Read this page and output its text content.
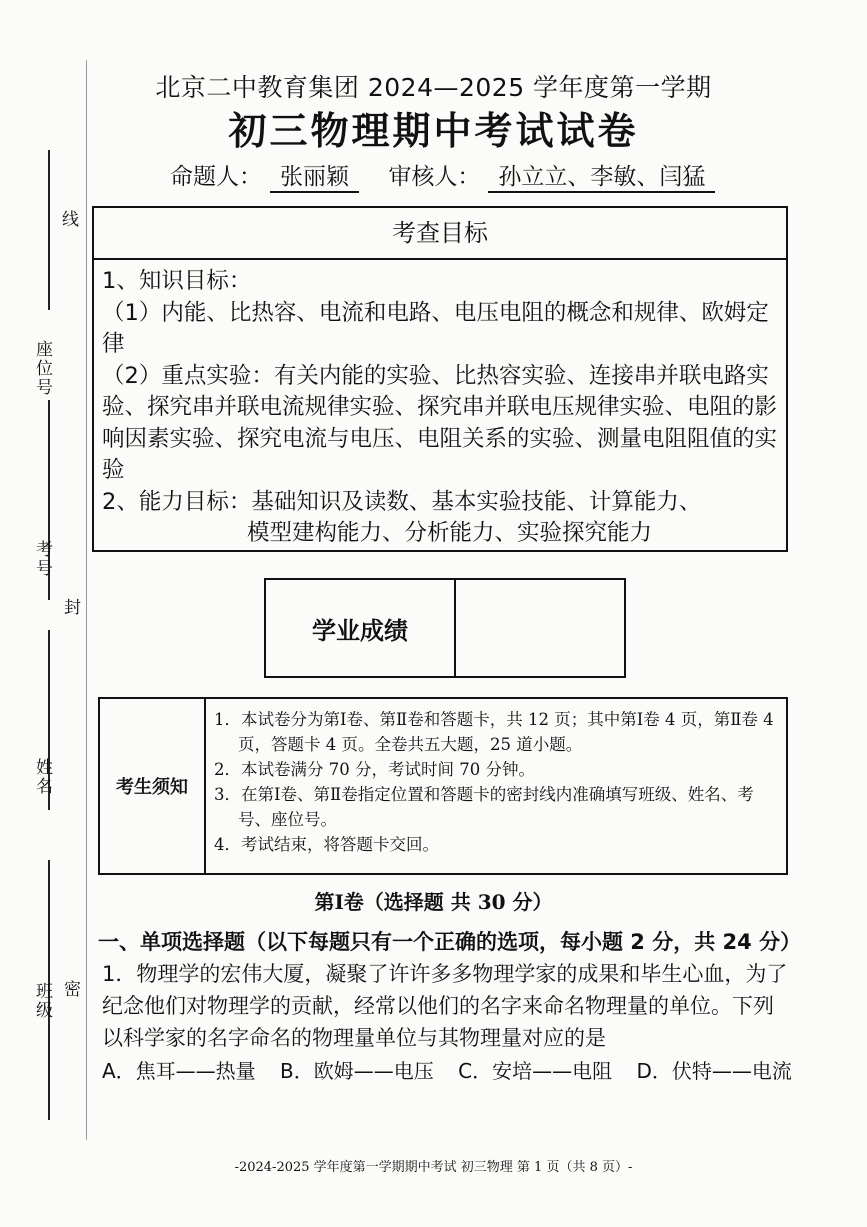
线
座位号
考号
封
姓名
班级 密
北京二中教育集团 2024—2025 学年度第一学期
初三物理期中考试试卷
命题人： 张丽颖 审核人： 孙立立、李敏、闫猛
考查目标

1、知识目标：

（1）内能、比热容、电流和电路、电压电阻的概念和规律、欧姆定律

（2）重点实验：有关内能的实验、比热容实验、连接串并联电路实验、探究串并联电流规律实验、探究串并联电压规律实验、电阻的影响因素实验、探究电流与电压、电阻关系的实验、测量电阻阻值的实验

2、能力目标：基础知识及读数、基本实验技能、计算能力、

模型建构能力、分析能力、实验探究能力

学业成绩
考生须知
1．本试卷分为第Ⅰ卷、第Ⅱ卷和答题卡，共 12 页；其中第Ⅰ卷 4 页，第Ⅱ卷 4 页，答题卡 4 页。全卷共五大题，25 道小题。
2．本试卷满分 70 分，考试时间 70 分钟。
3．在第Ⅰ卷、第Ⅱ卷指定位置和答题卡的密封线内准确填写班级、姓名、考号、座位号。
4．考试结束，将答题卡交回。
第Ⅰ卷（选择题 共 30 分）

一、单项选择题（以下每题只有一个正确的选项，每小题 2 分，共 24 分）

1．物理学的宏伟大厦，凝聚了许许多多物理学家的成果和毕生心血，为了纪念他们对物理学的贡献，经常以他们的名字来命名物理量的单位。下列以科学家的名字命名的物理量单位与其物理量对应的是

A．焦耳——热量 B．欧姆——电压 C．安培——电阻 D．伏特——电流
-2024-2025 学年度第一学期期中考试 初三物理 第 1 页（共 8 页）-
